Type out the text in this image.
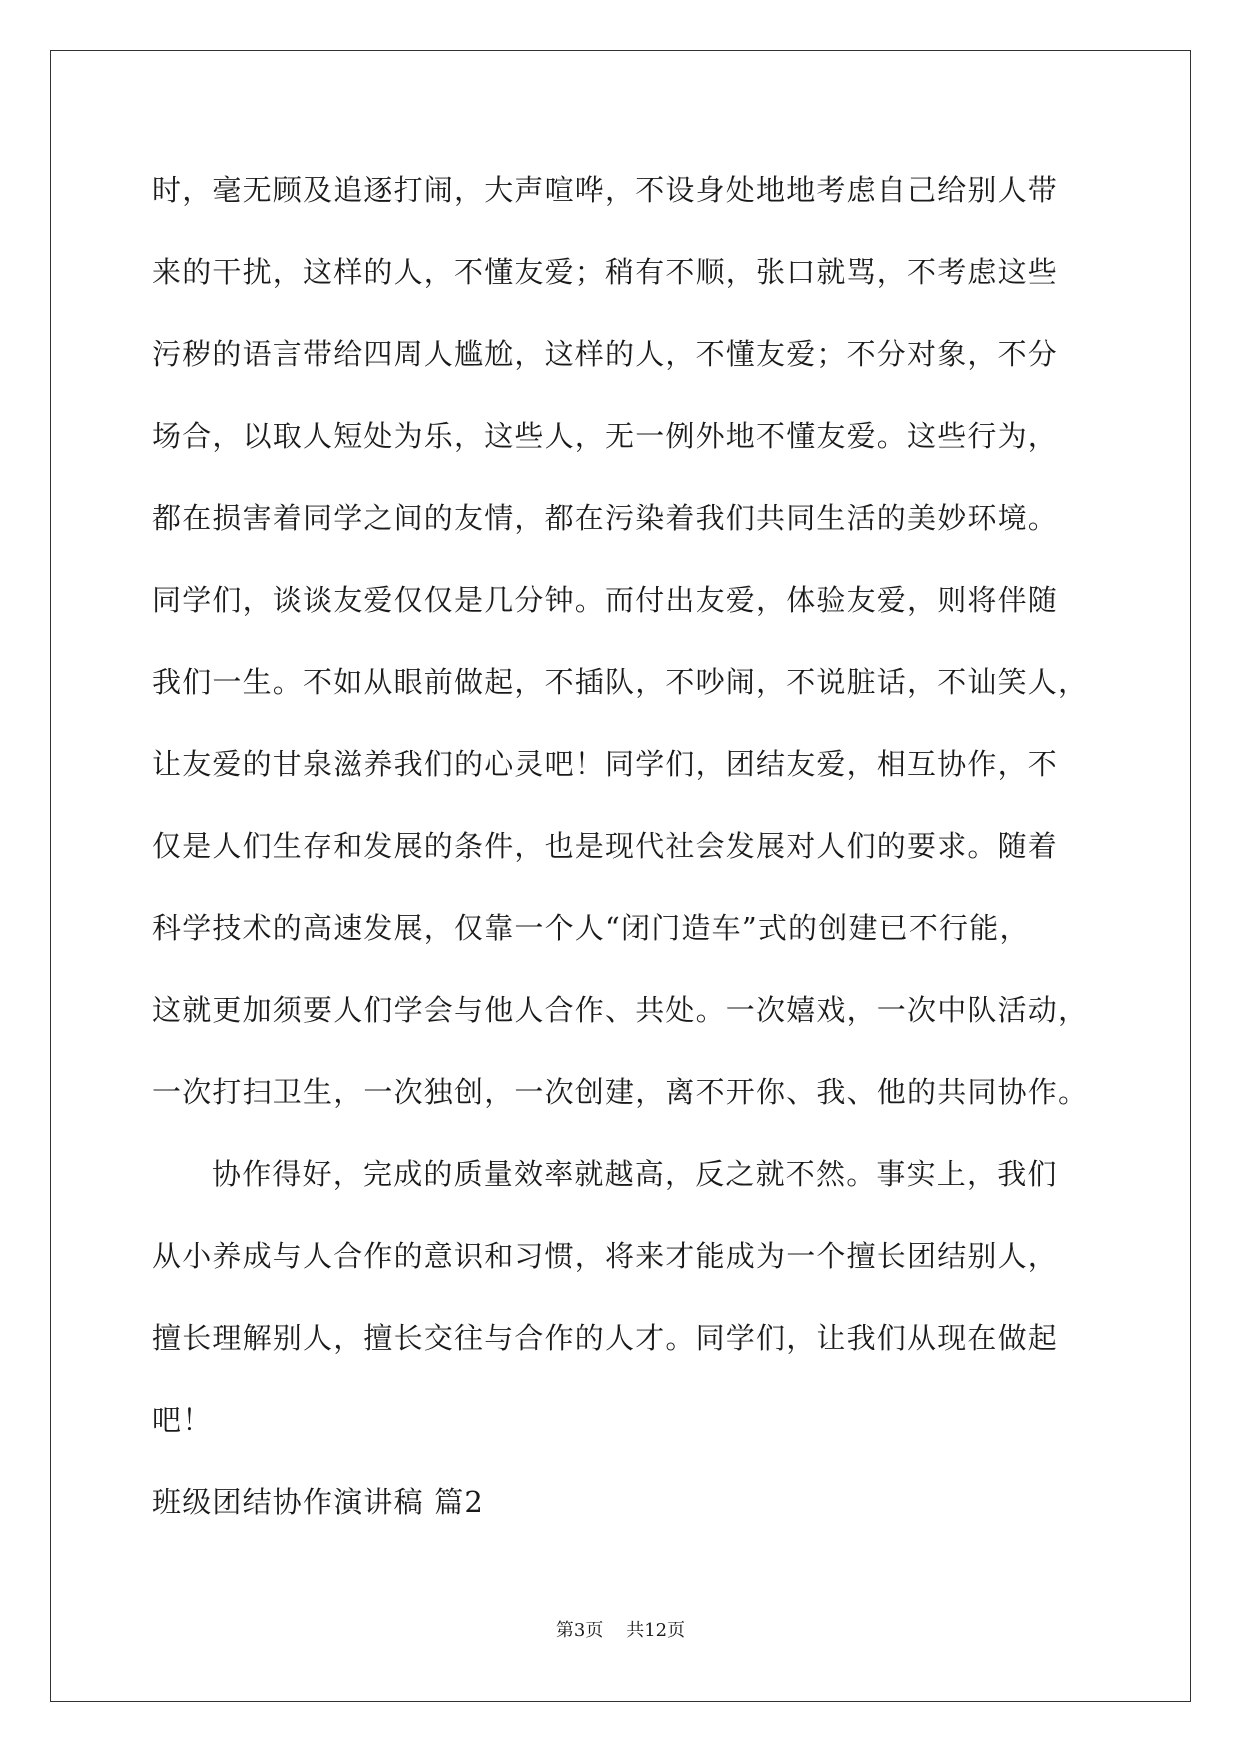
时，毫无顾及追逐打闹，大声喧哗，不设身处地地考虑自己给别人带
来的干扰，这样的人，不懂友爱；稍有不顺，张口就骂，不考虑这些
污秽的语言带给四周人尴尬，这样的人，不懂友爱；不分对象，不分
场合，以取人短处为乐，这些人，无一例外地不懂友爱。这些行为，
都在损害着同学之间的友情，都在污染着我们共同生活的美妙环境。
同学们，谈谈友爱仅仅是几分钟。而付出友爱，体验友爱，则将伴随
我们一生。不如从眼前做起，不插队，不吵闹，不说脏话，不讪笑人，
让友爱的甘泉滋养我们的心灵吧！同学们，团结友爱，相互协作，不
仅是人们生存和发展的条件，也是现代社会发展对人们的要求。随着
科学技术的高速发展，仅靠一个人“闭门造车”式的创建已不行能，
这就更加须要人们学会与他人合作、共处。一次嬉戏，一次中队活动，
一次打扫卫生，一次独创，一次创建，离不开你、我、他的共同协作。
协作得好，完成的质量效率就越高，反之就不然。事实上，我们
从小养成与人合作的意识和习惯，将来才能成为一个擅长团结别人，
擅长理解别人，擅长交往与合作的人才。同学们，让我们从现在做起
吧！
班级团结协作演讲稿 篇2
第3页    共12页
